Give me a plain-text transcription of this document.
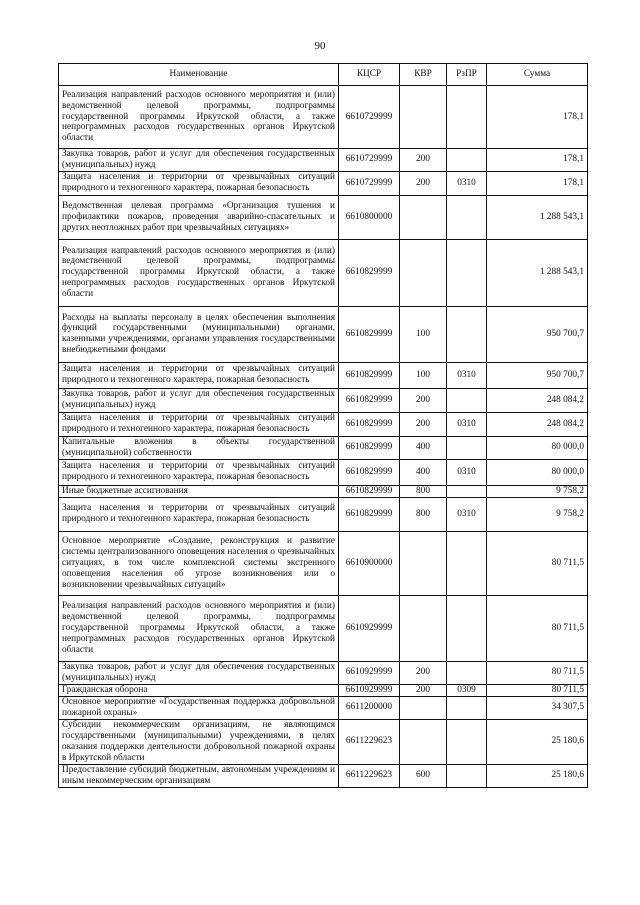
90
Наименование	КЦСР	КВР	РзПР	Сумма
Реализация направлений расходов основного мероприятия и (или) ведомственной целевой программы, подпрограммы государственной программы Иркутской области, а также непрограммных расходов государственных органов Иркутской области	6610729999			178,1
Закупка товаров, работ и услуг для обеспечения государственных (муниципальных) нужд	6610729999	200		178,1
Защита населения и территории от чрезвычайных ситуаций природного и техногенного характера, пожарная безопасность	6610729999	200	0310	178,1
Ведомственная целевая программа «Организация тушения и профилактики пожаров, проведения аварийно-спасательных и других неотложных работ при чрезвычайных ситуациях»	6610800000			1 288 543,1
Реализация направлений расходов основного мероприятия и (или) ведомственной целевой программы, подпрограммы государственной программы Иркутской области, а также непрограммных расходов государственных органов Иркутской области	6610829999			1 288 543,1
Расходы на выплаты персоналу в целях обеспечения выполнения функций государственными (муниципальными) органами, казенными учреждениями, органами управления государственными внебюджетными фондами	6610829999	100		950 700,7
Защита населения и территории от чрезвычайных ситуаций природного и техногенного характера, пожарная безопасность	6610829999	100	0310	950 700,7
Закупка товаров, работ и услуг для обеспечения государственных (муниципальных) нужд	6610829999	200		248 084,2
Защита населения и территории от чрезвычайных ситуаций природного и техногенного характера, пожарная безопасность	6610829999	200	0310	248 084,2
Капитальные вложения в объекты государственной (муниципальной) собственности	6610829999	400		80 000,0
Защита населения и территории от чрезвычайных ситуаций природного и техногенного характера, пожарная безопасность	6610829999	400	0310	80 000,0
Иные бюджетные ассигнования	6610829999	800		9 758,2
Защита населения и территории от чрезвычайных ситуаций природного и техногенного характера, пожарная безопасность	6610829999	800	0310	9 758,2
Основное мероприятие «Создание, реконструкция и развитие системы централизованного оповещения населения о чрезвычайных ситуациях, в том числе комплексной системы экстренного оповещения населения об угрозе возникновения или о возникновении чрезвычайных ситуаций»	6610900000			80 711,5
Реализация направлений расходов основного мероприятия и (или) ведомственной целевой программы, подпрограммы государственной программы Иркутской области, а также непрограммных расходов государственных органов Иркутской области	6610929999			80 711,5
Закупка товаров, работ и услуг для обеспечения государственных (муниципальных) нужд	6610929999	200		80 711,5
Гражданская оборона	6610929999	200	0309	80 711,5
Основное мероприятие «Государственная поддержка добровольной пожарной охраны»	6611200000			34 307,5
Субсидии некоммерческим организациям, не являющимся государственными (муниципальными) учреждениями, в целях оказания поддержки деятельности добровольной пожарной охраны в Иркутской области	6611229623			25 180,6
Предоставление субсидий бюджетным, автономным учреждениям и иным некоммерческим организациям	6611229623	600		25 180,6
